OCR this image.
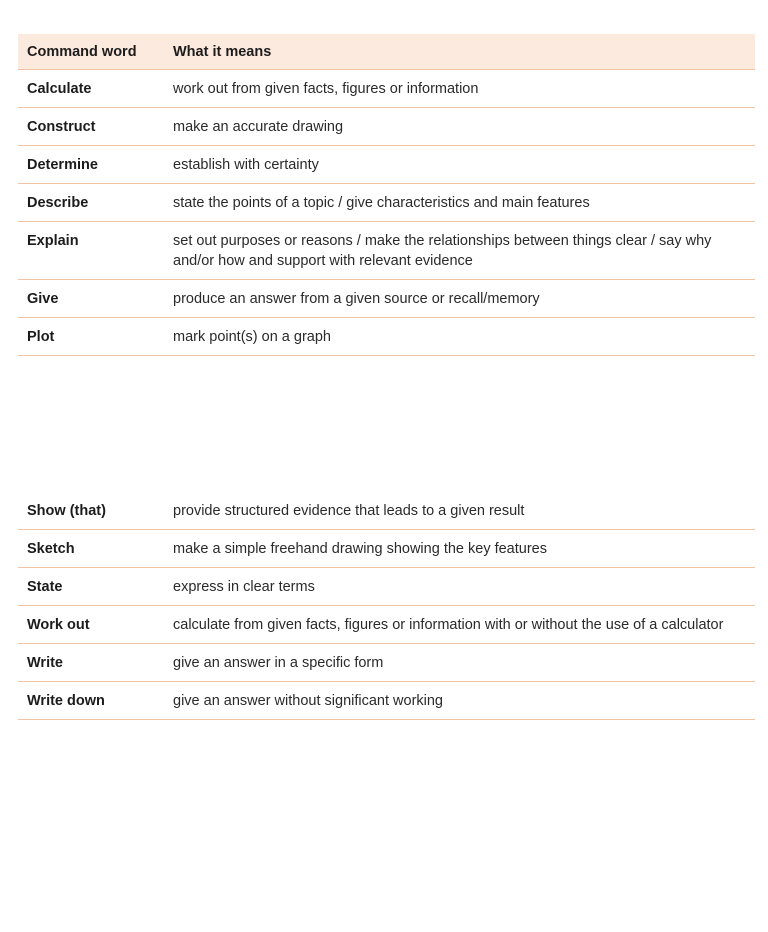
Command word	What it means
Calculate	work out from given facts, figures or information
Construct	make an accurate drawing
Determine	establish with certainty
Describe	state the points of a topic / give characteristics and main features
Explain	set out purposes or reasons / make the relationships between things clear / say why and/or how and support with relevant evidence
Give	produce an answer from a given source or recall/memory
Plot	mark point(s) on a graph
Show (that)	provide structured evidence that leads to a given result
Sketch	make a simple freehand drawing showing the key features
State	express in clear terms
Work out	calculate from given facts, figures or information with or without the use of a calculator
Write	give an answer in a specific form
Write down	give an answer without significant working
